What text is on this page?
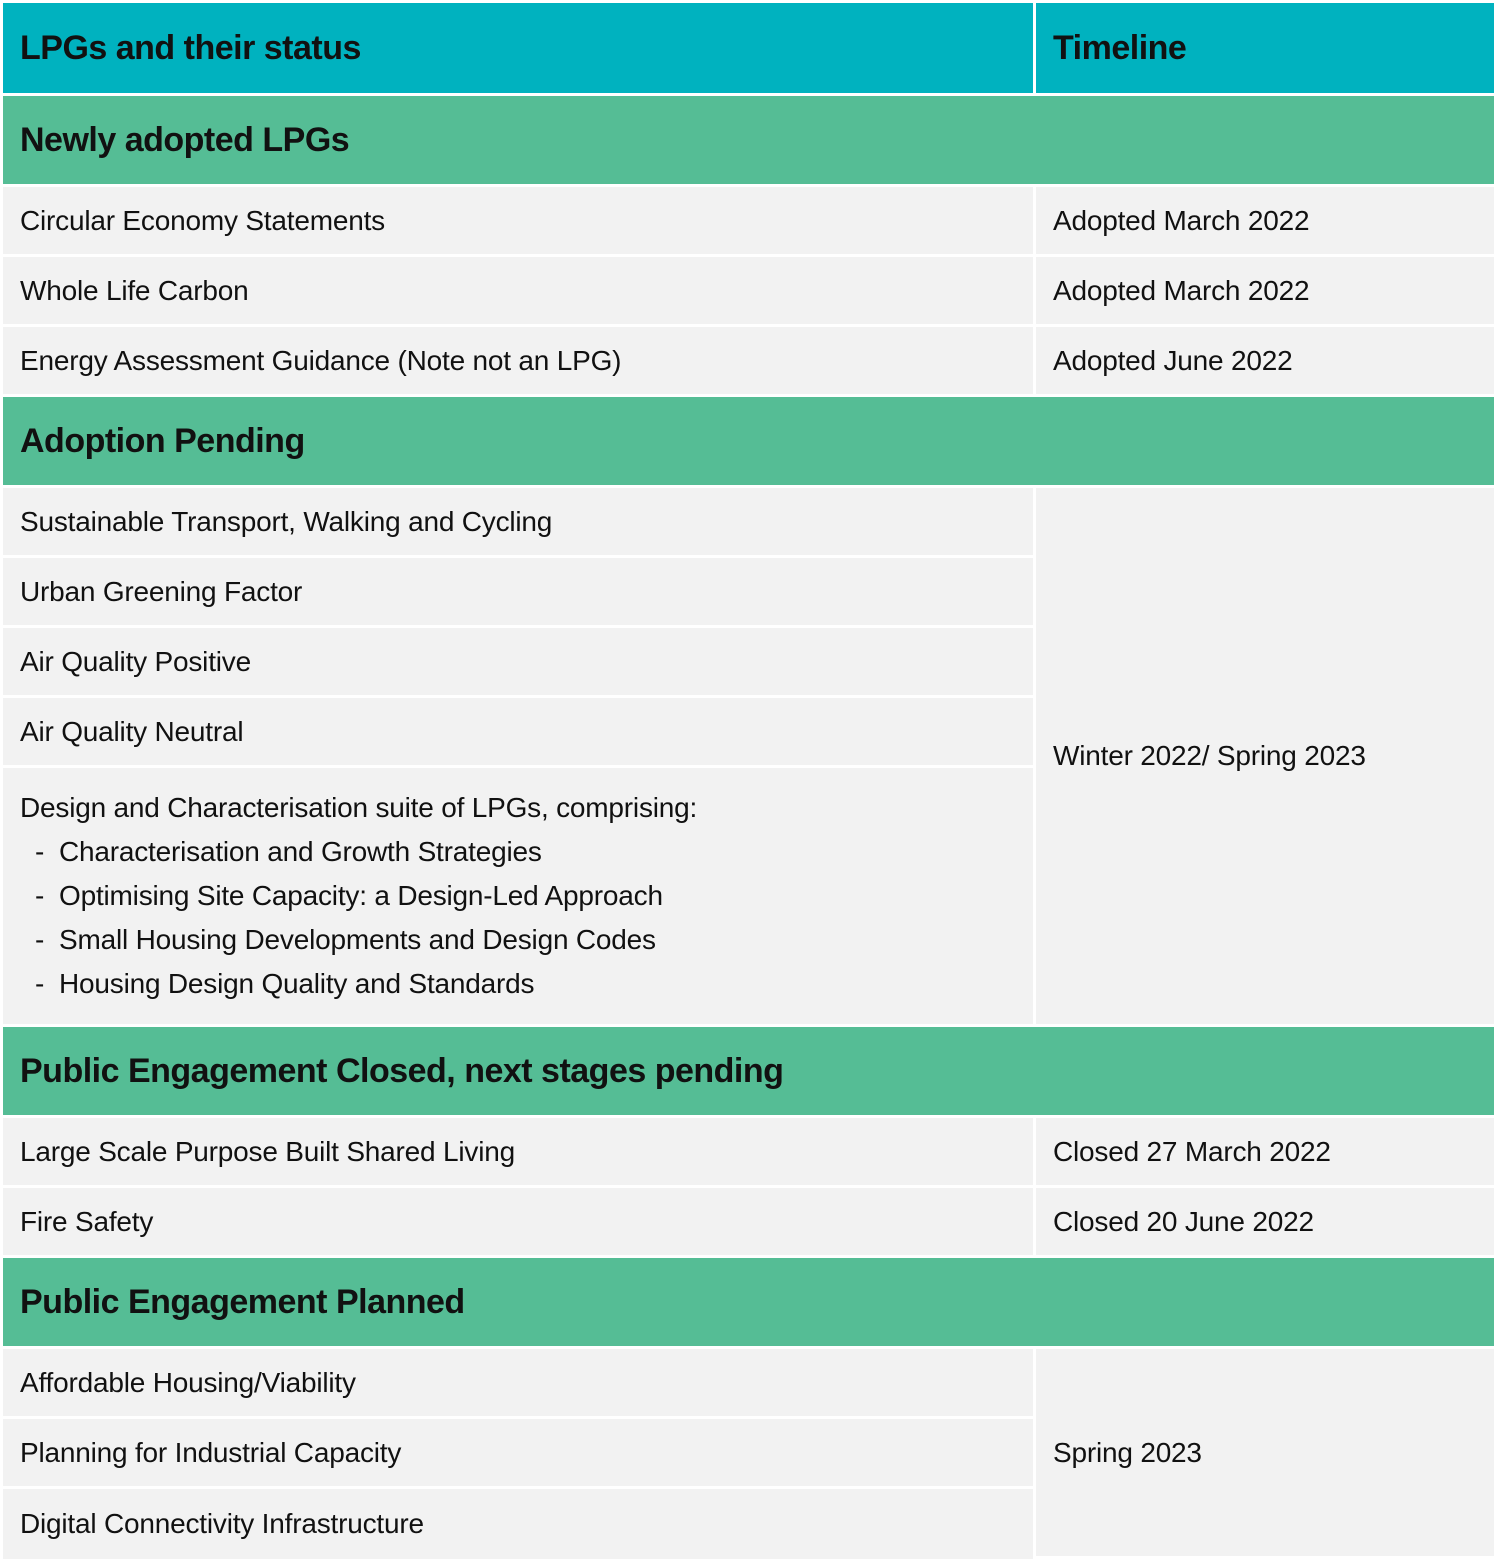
LPGs and their status	Timeline
Newly adopted LPGs	
Circular Economy Statements	Adopted March 2022
Whole Life Carbon	Adopted March 2022
Energy Assessment Guidance (Note not an LPG)	Adopted June 2022
Adoption Pending	
Sustainable Transport, Walking and Cycling	Winter 2022/ Spring 2023
Urban Greening Factor	
Air Quality Positive	
Air Quality Neutral	
Design and Characterisation suite of LPGs, comprising:
- Characterisation and Growth Strategies
- Optimising Site Capacity: a Design-Led Approach
- Small Housing Developments and Design Codes
- Housing Design Quality and Standards	

Public Engagement Closed, next stages pending	
Large Scale Purpose Built Shared Living	Closed 27 March 2022
Fire Safety	Closed 20 June 2022
Public Engagement Planned	
Affordable Housing/Viability	Spring 2023
Planning for Industrial Capacity	
Digital Connectivity Infrastructure	
